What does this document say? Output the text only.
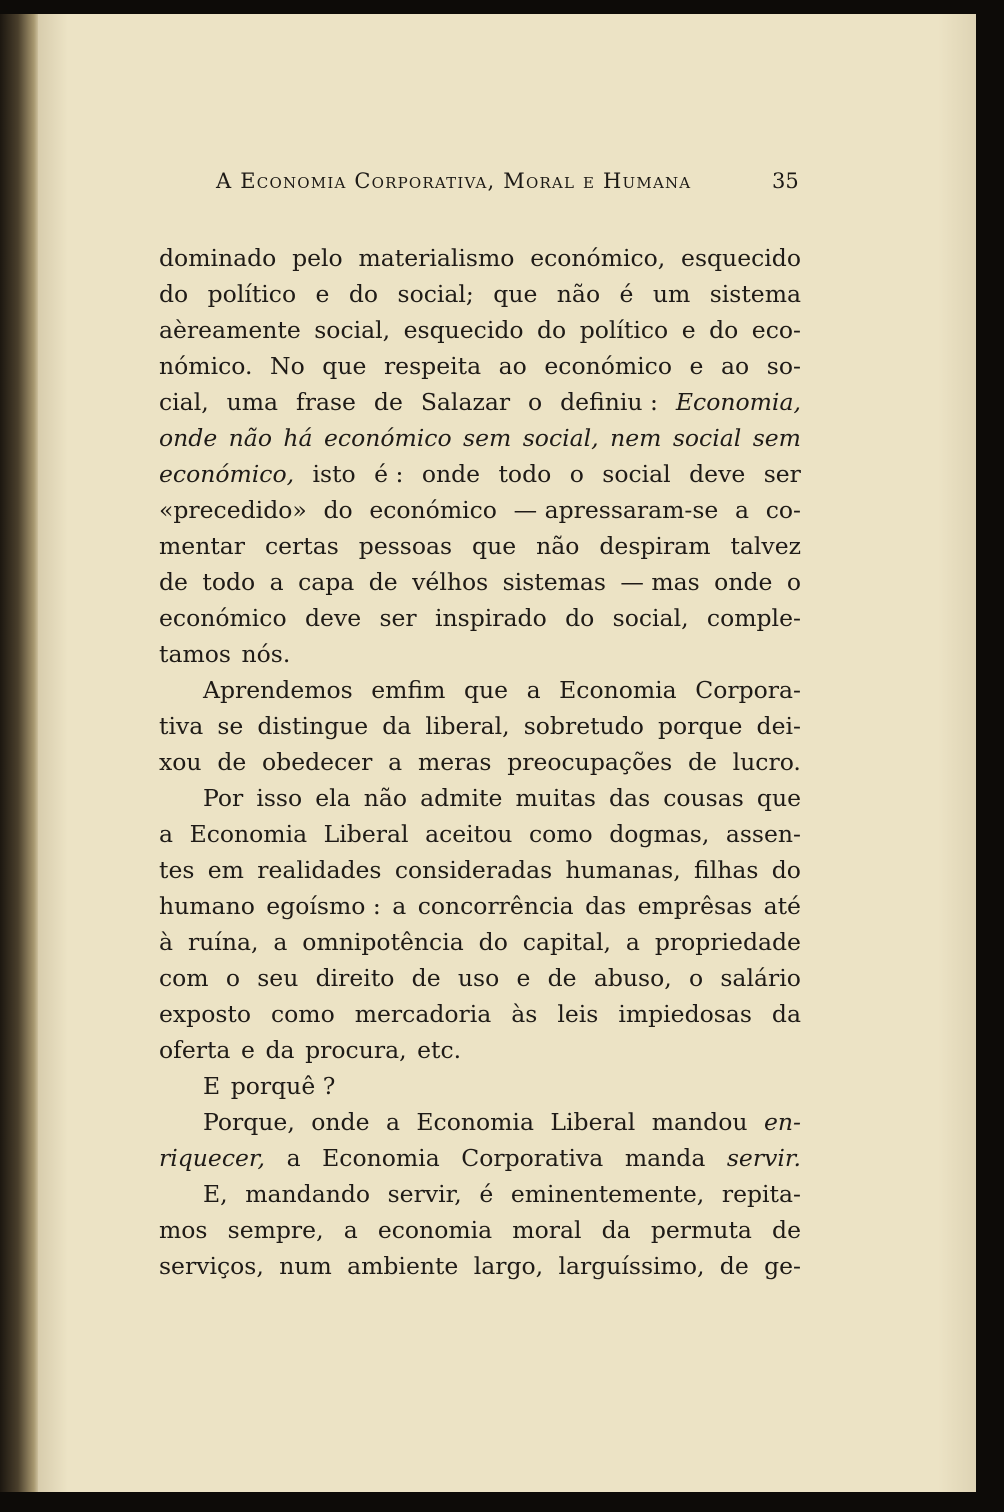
A Economia Corporativa, Moral e Humana	35
dominado pelo materialismo económico, esquecido
do político e do social; que não é um sistema
aèreamente social, esquecido do político e do eco-
nómico. No que respeita ao económico e ao so-
cial, uma frase de Salazar o definiu : Economia,
onde não há económico sem social, nem social sem
económico, isto é : onde todo o social deve ser
«precedido» do económico — apressaram-se a co-
mentar certas pessoas que não despiram talvez
de todo a capa de vélhos sistemas — mas onde o
económico deve ser inspirado do social, comple-
tamos nós.
Aprendemos emfim que a Economia Corpora-
tiva se distingue da liberal, sobretudo porque dei-
xou de obedecer a meras preocupações de lucro.
Por isso ela não admite muitas das cousas que
a Economia Liberal aceitou como dogmas, assen-
tes em realidades consideradas humanas, filhas do
humano egoísmo : a concorrência das emprêsas até
à ruína, a omnipotência do capital, a propriedade
com o seu direito de uso e de abuso, o salário
exposto como mercadoria às leis impiedosas da
oferta e da procura, etc.
E porquê ?
Porque, onde a Economia Liberal mandou en-
riquecer, a Economia Corporativa manda servir.
E, mandando servir, é eminentemente, repita-
mos sempre, a economia moral da permuta de
serviços, num ambiente largo, larguíssimo, de ge-
